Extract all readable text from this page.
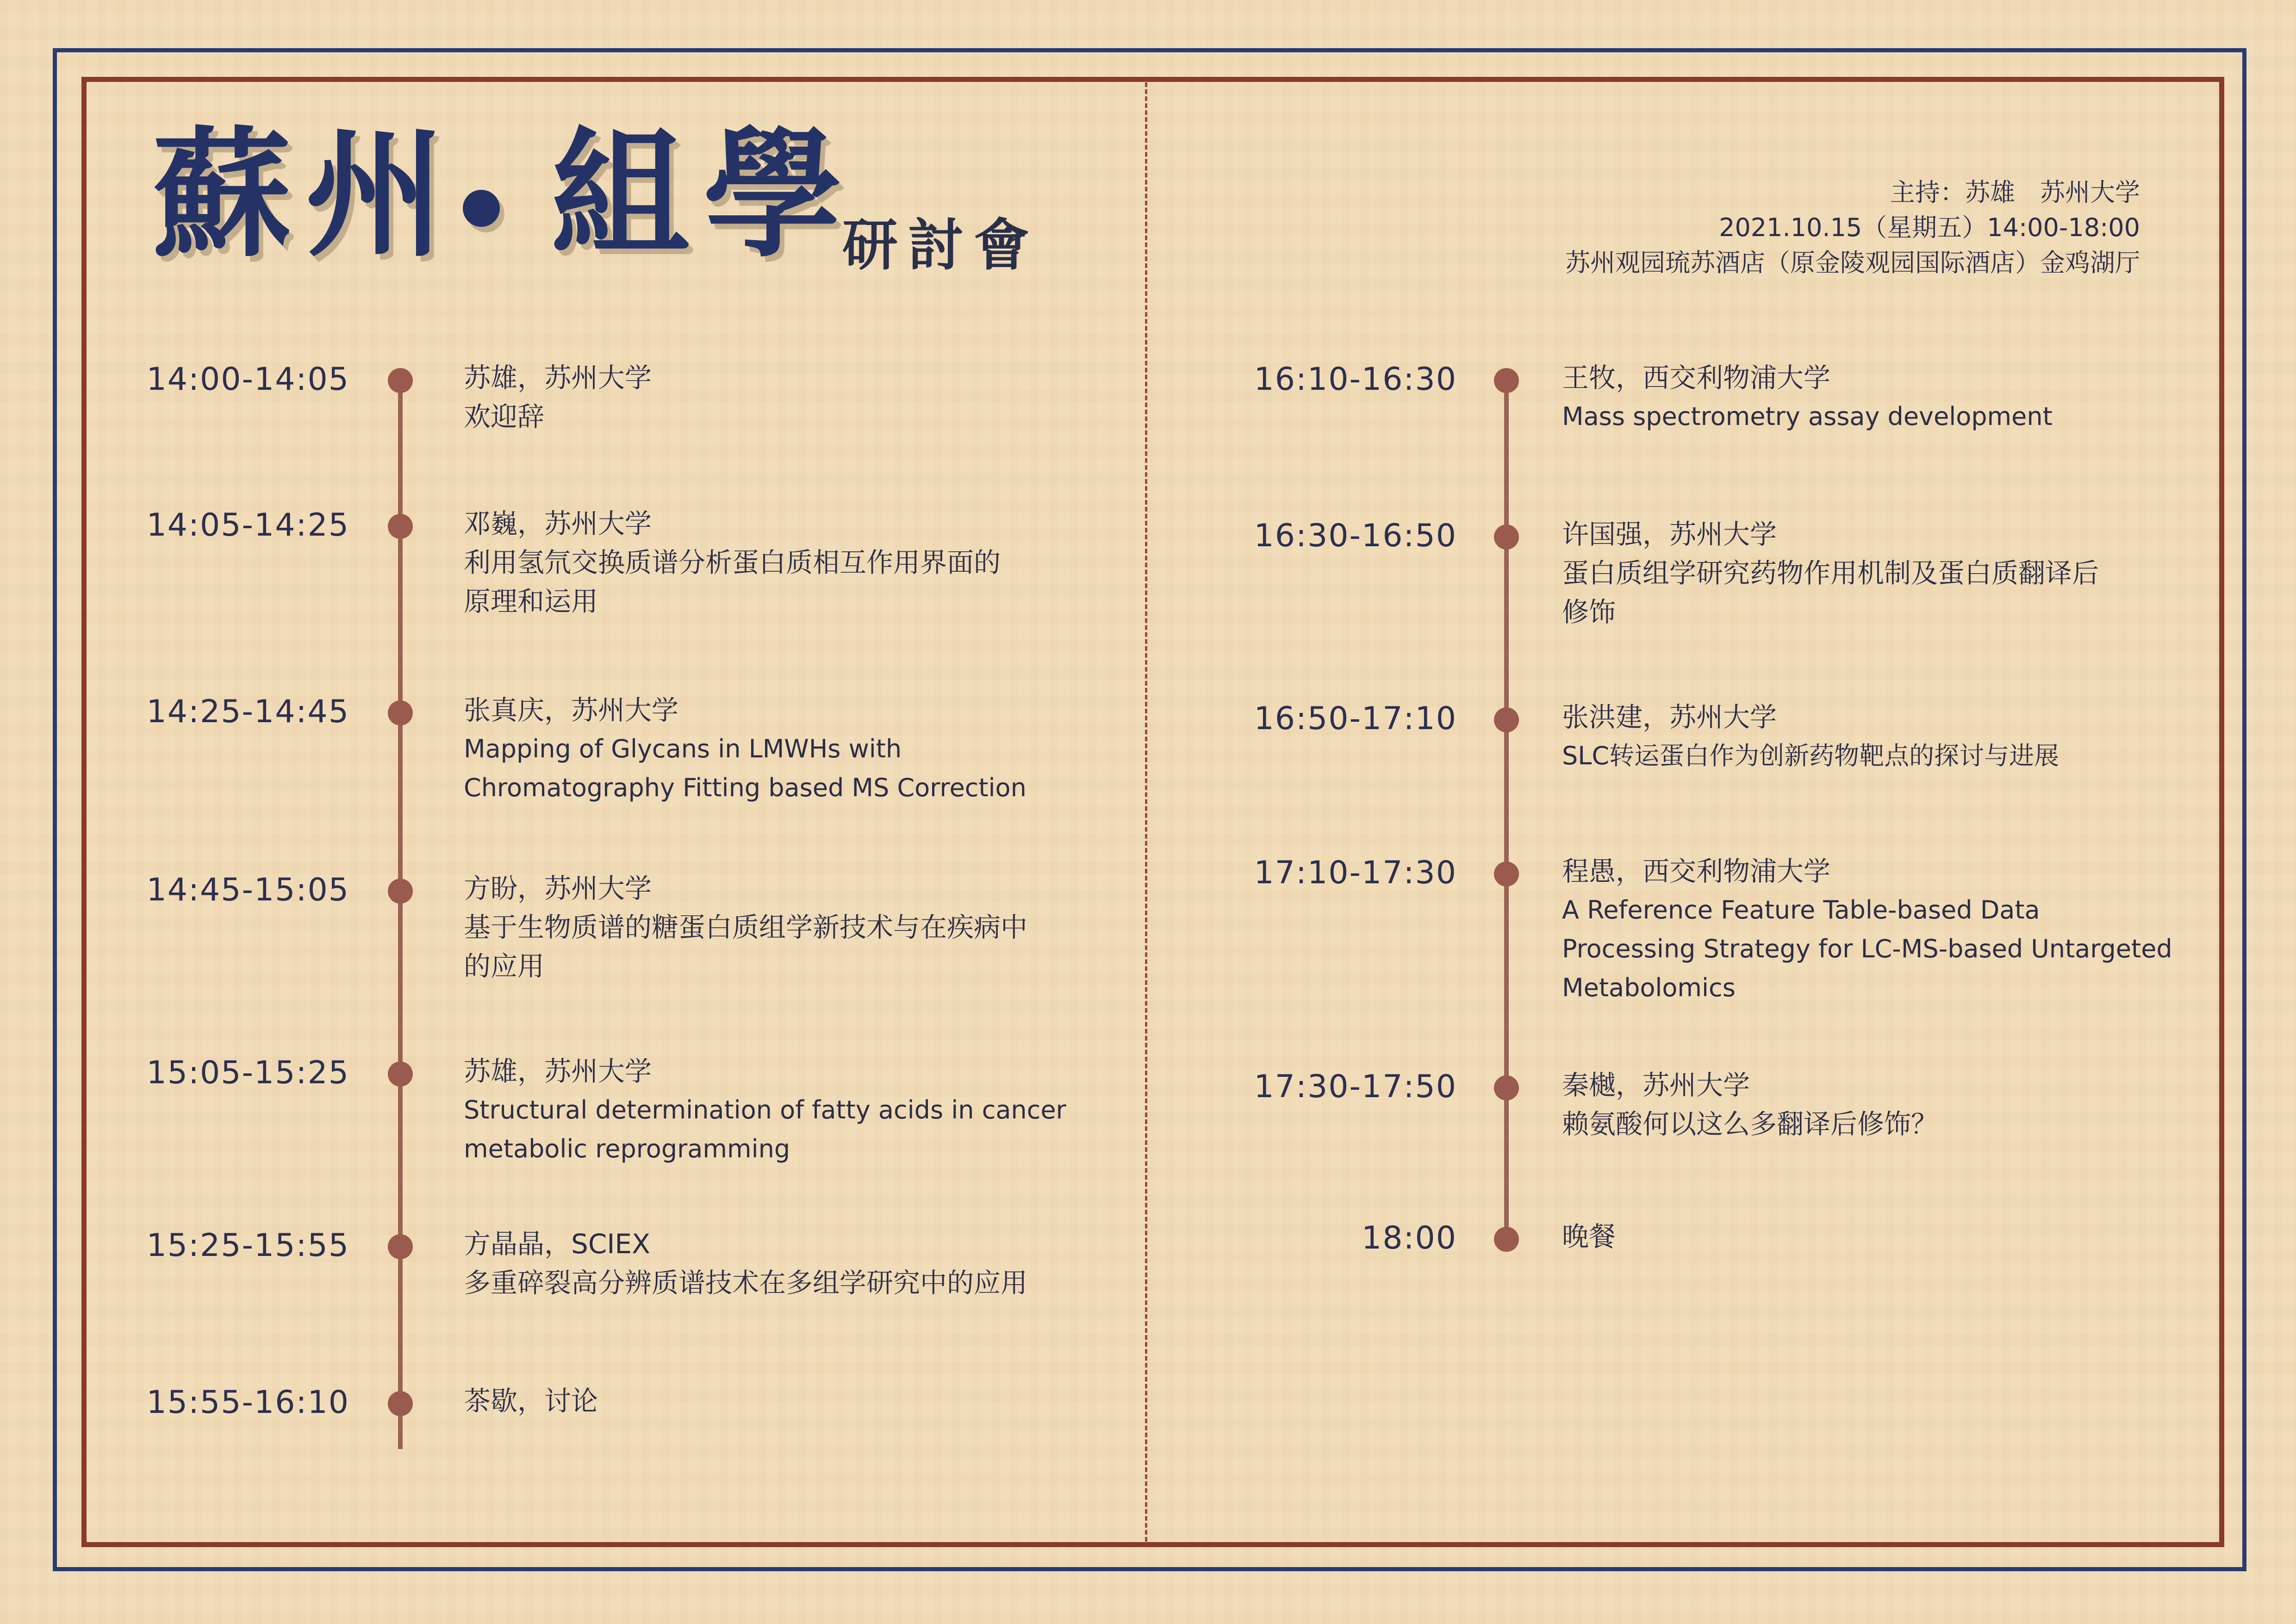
蘇州 組學
研討會
主持：苏雄　苏州大学
2021.10.15（星期五）14:00-18:00
苏州观园琉苏酒店（原金陵观园国际酒店）金鸡湖厅
14:00-14:05	苏雄，苏州大学
欢迎辞
14:05-14:25	邓巍，苏州大学
利用氢氘交换质谱分析蛋白质相互作用界面的
原理和运用
14:25-14:45	张真庆，苏州大学
Mapping of Glycans in LMWHs with
Chromatography Fitting based MS Correction
14:45-15:05	方盼，苏州大学
基于生物质谱的糖蛋白质组学新技术与在疾病中
的应用
15:05-15:25	苏雄，苏州大学
Structural determination of fatty acids in cancer
metabolic reprogramming
15:25-15:55	方晶晶，SCIEX
多重碎裂高分辨质谱技术在多组学研究中的应用
15:55-16:10	茶歇，讨论
16:10-16:30	王牧，西交利物浦大学
Mass spectrometry assay development
16:30-16:50	许国强，苏州大学
蛋白质组学研究药物作用机制及蛋白质翻译后
修饰
16:50-17:10	张洪建，苏州大学
SLC转运蛋白作为创新药物靶点的探讨与进展
17:10-17:30	程愚，西交利物浦大学
A Reference Feature Table-based Data
Processing Strategy for LC-MS-based Untargeted
Metabolomics
17:30-17:50	秦樾，苏州大学
赖氨酸何以这么多翻译后修饰？
18:00	晚餐
